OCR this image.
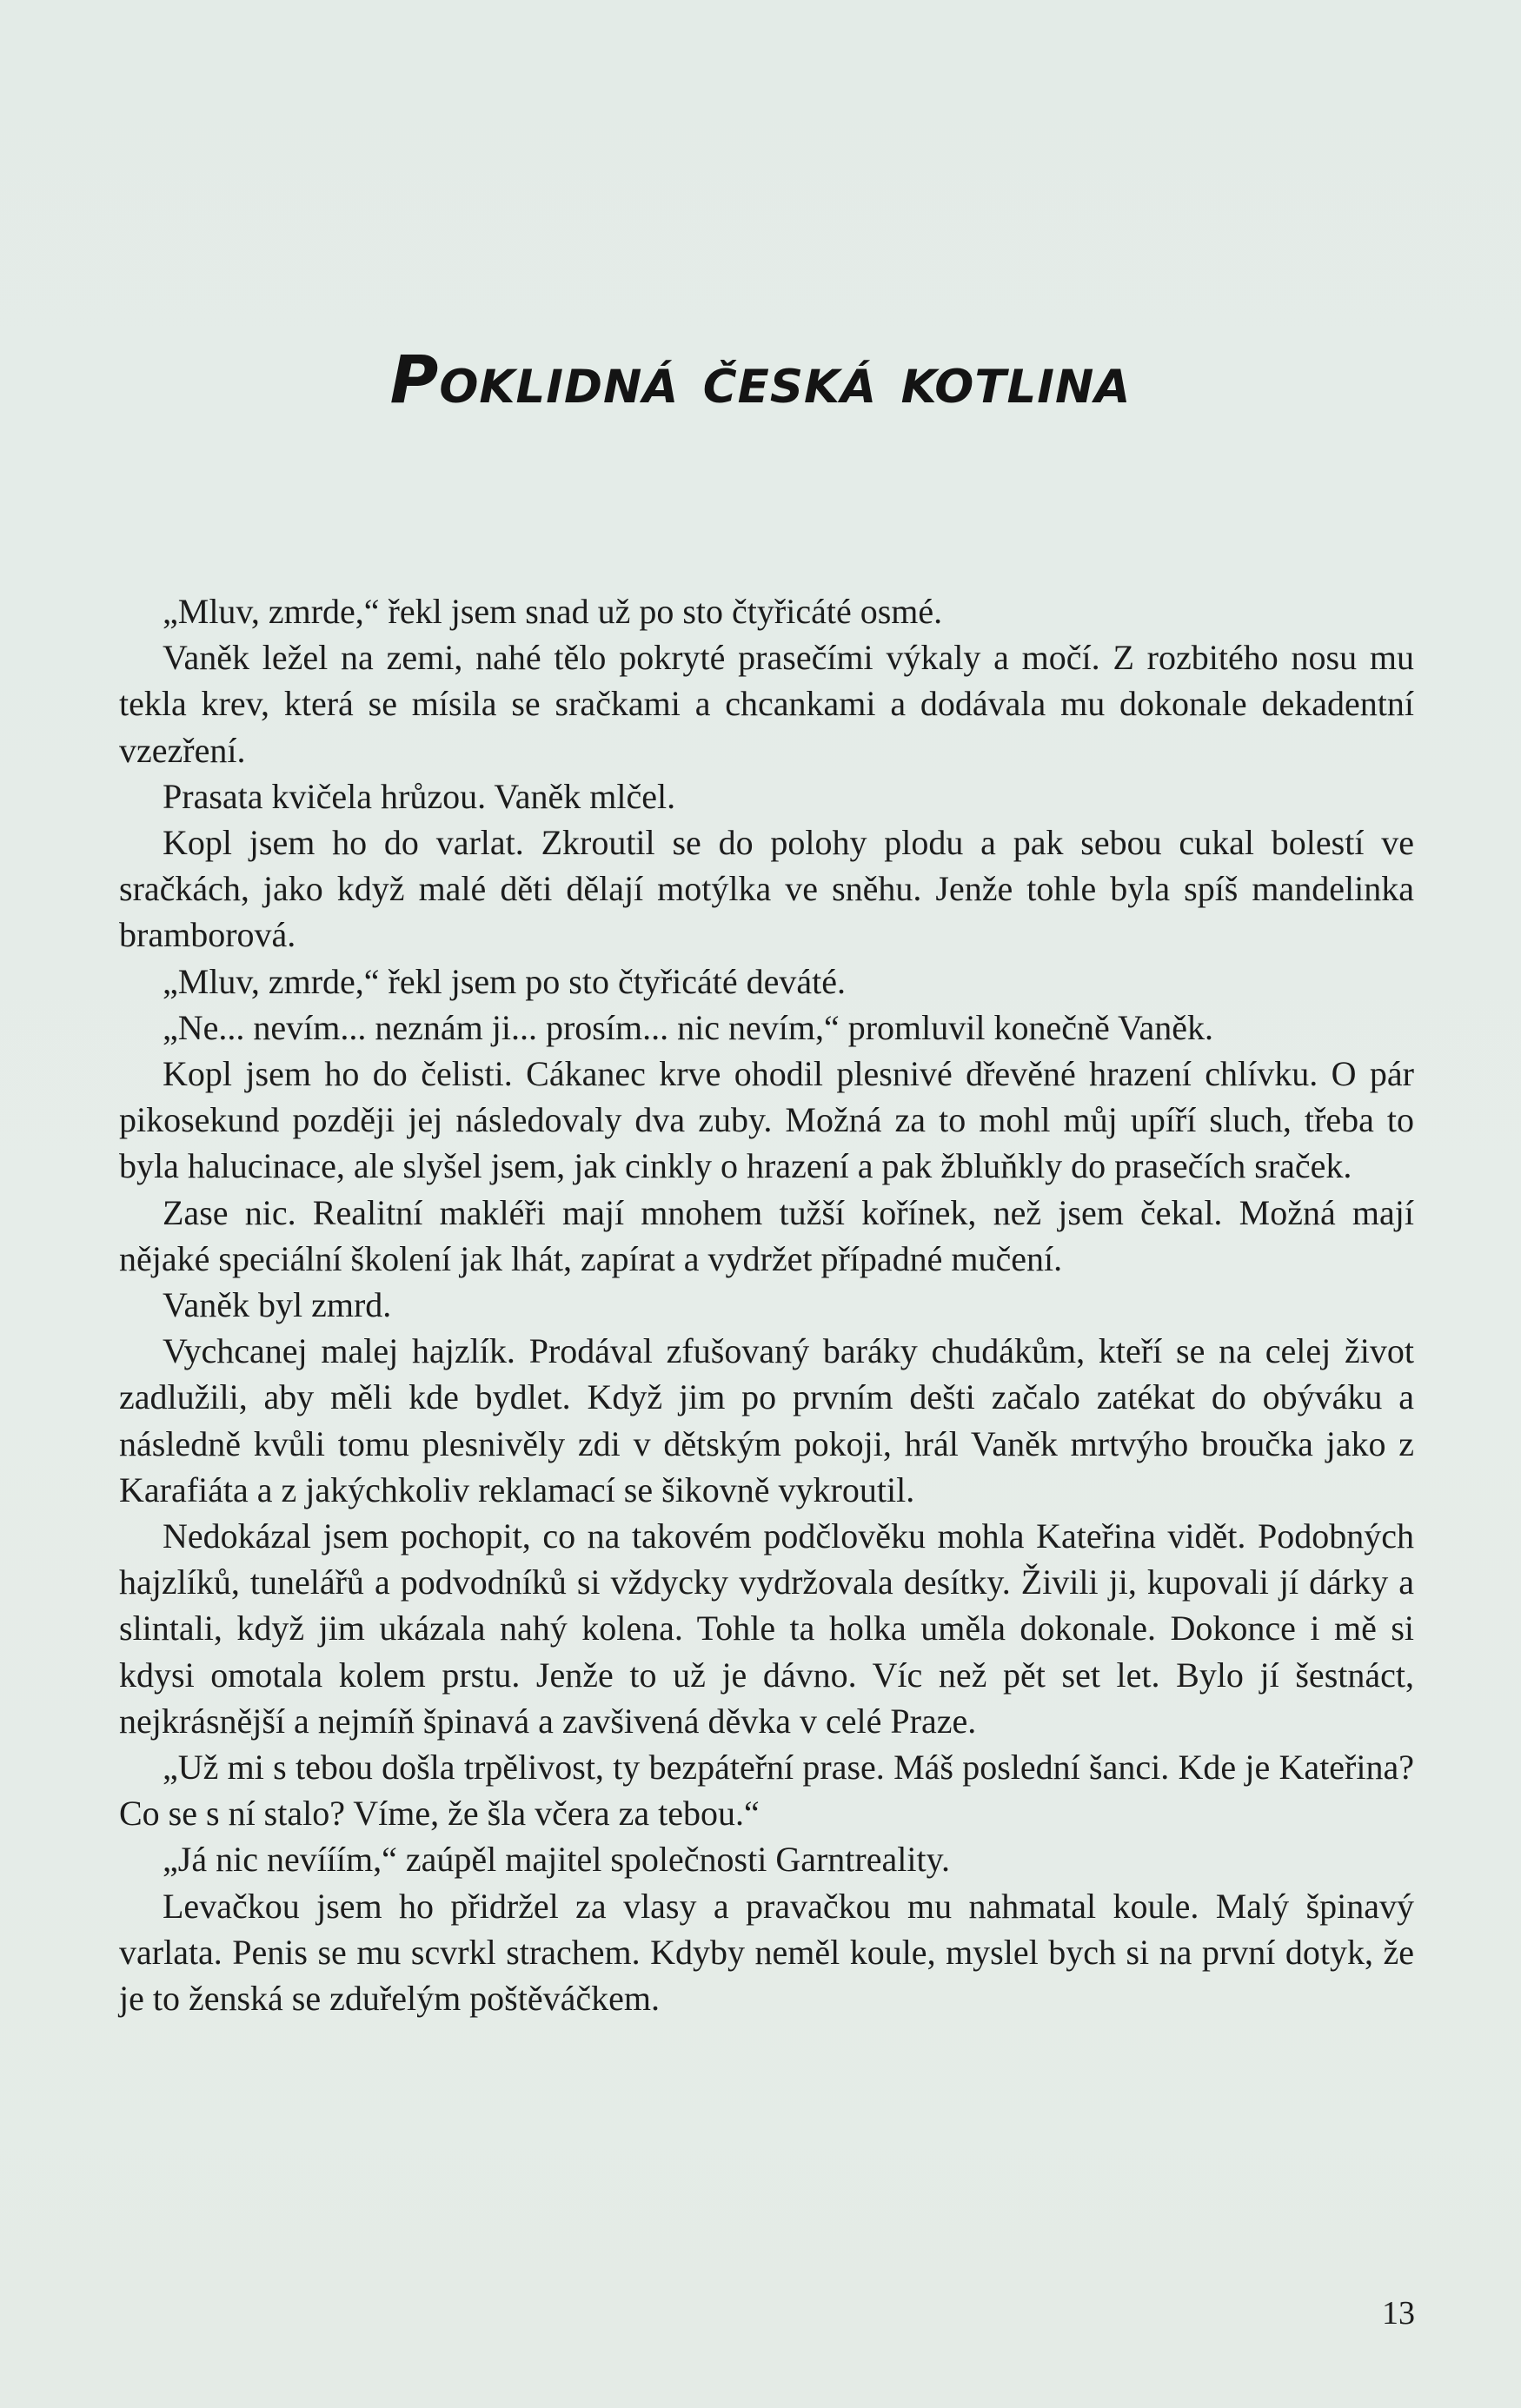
Poklidná česká kotlina

„Mluv, zmrde,“ řekl jsem snad už po sto čtyřicáté osmé.

Vaněk ležel na zemi, nahé tělo pokryté prasečími výkaly a močí. Z rozbitého nosu mu tekla krev, která se mísila se sračkami a chcankami a dodávala mu dokonale dekadentní vzezření.

Prasata kvičela hrůzou. Vaněk mlčel.

Kopl jsem ho do varlat. Zkroutil se do polohy plodu a pak sebou cukal bolestí ve sračkách, jako když malé děti dělají motýlka ve sněhu. Jenže tohle byla spíš mandelinka bramborová.

„Mluv, zmrde,“ řekl jsem po sto čtyřicáté deváté.

„Ne... nevím... neznám ji... prosím... nic nevím,“ promluvil konečně Vaněk.

Kopl jsem ho do čelisti. Cákanec krve ohodil plesnivé dřevěné hrazení chlívku. O pár pikosekund později jej následovaly dva zuby. Možná za to mohl můj upíří sluch, třeba to byla halucinace, ale slyšel jsem, jak cinkly o hrazení a pak žbluňkly do prasečích sraček.

Zase nic. Realitní makléři mají mnohem tužší kořínek, než jsem čekal. Možná mají nějaké speciální školení jak lhát, zapírat a vydržet případné mučení.

Vaněk byl zmrd.

Vychcanej malej hajzlík. Prodával zfušovaný baráky chudákům, kteří se na celej život zadlužili, aby měli kde bydlet. Když jim po prvním dešti začalo zatékat do obýváku a následně kvůli tomu plesnivěly zdi v dětským pokoji, hrál Vaněk mrtvýho broučka jako z Karafiáta a z jakýchkoliv reklamací se šikovně vykroutil.

Nedokázal jsem pochopit, co na takovém podčlověku mohla Kateřina vidět. Podobných hajzlíků, tunelářů a podvodníků si vždycky vydržovala desítky. Živili ji, kupovali jí dárky a slintali, když jim ukázala nahý kolena. Tohle ta holka uměla dokonale. Dokonce i mě si kdysi omotala kolem prstu. Jenže to už je dávno. Víc než pět set let. Bylo jí šestnáct, nejkrásnější a nejmíň špinavá a zavšivená děvka v celé Praze.

„Už mi s tebou došla trpělivost, ty bezpáteřní prase. Máš poslední šanci. Kde je Kateřina? Co se s ní stalo? Víme, že šla včera za tebou.“

„Já nic nevííím,“ zaúpěl majitel společnosti Garntreality.

Levačkou jsem ho přidržel za vlasy a pravačkou mu nahmatal koule. Malý špinavý varlata. Penis se mu scvrkl strachem. Kdyby neměl koule, myslel bych si na první dotyk, že je to ženská se zduřelým poštěváčkem.

13
